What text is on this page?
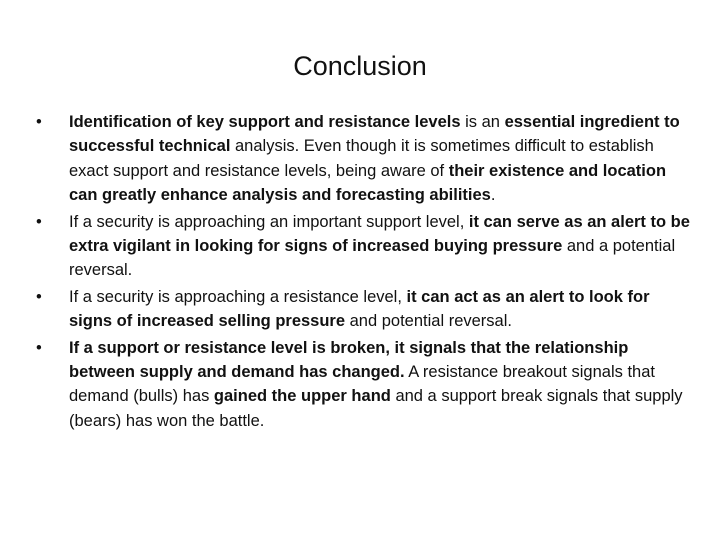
Conclusion
•	Identification of key support and resistance levels is an essential ingredient to successful technical analysis. Even though it is sometimes difficult to establish exact support and resistance levels, being aware of their existence and location can greatly enhance analysis and forecasting abilities.
•	If a security is approaching an important support level, it can serve as an alert to be extra vigilant in looking for signs of increased buying pressure and a potential reversal.
•	If a security is approaching a resistance level, it can act as an alert to look for signs of increased selling pressure and potential reversal.
•	If a support or resistance level is broken, it signals that the relationship between supply and demand has changed. A resistance breakout signals that demand (bulls) has gained the upper hand and a support break signals that supply (bears) has won the battle.
